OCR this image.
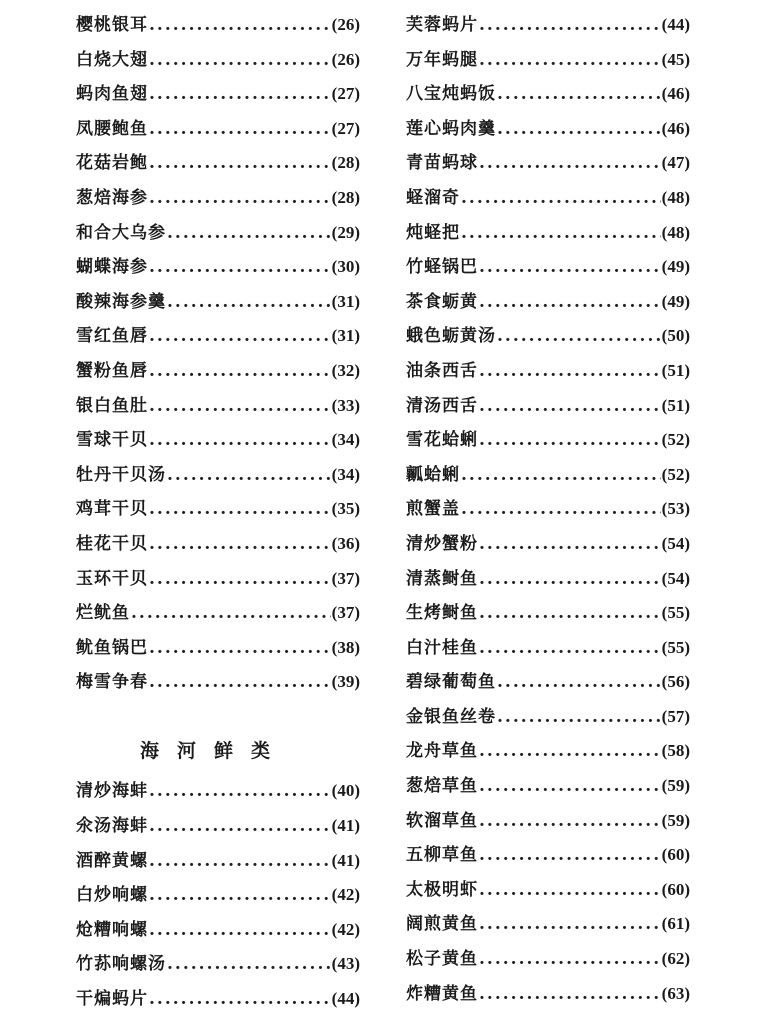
樱桃银耳 .....	(26)
白烧大翅 .....	(26)
蚂肉鱼翅 .....	(27)
凤腰鲍鱼 .....	(27)
花菇岩鲍 .....	(28)
葱焙海参 .....	(28)
和合大乌参 .....	(29)
蝴蝶海参 .....	(30)
酸辣海参羹 .....	(31)
雪红鱼唇 .....	(31)
蟹粉鱼唇 .....	(32)
银白鱼肚 .....	(33)
雪球干贝 .....	(34)
牡丹干贝汤 .....	(34)
鸡茸干贝 .....	(35)
桂花干贝 .....	(36)
玉环干贝 .....	(37)
烂鱿鱼 .....	(37)
鱿鱼锅巴 .....	(38)
梅雪争春 .....	(39)
海河鲜类
清炒海蚌 .....	(40)
氽汤海蚌 .....	(41)
酒醉黄螺 .....	(41)
白炒响螺 .....	(42)
炝糟响螺 .....	(42)
竹荪响螺汤 .....	(43)
干煸蚂片 .....	(44)
芙蓉蚂片 .....	(44)
万年蚂腿 .....	(45)
八宝炖蚂饭 .....	(46)
莲心蚂肉羹 .....	(46)
青苗蚂球 .....	(47)
蛏溜奇 .....	(48)
炖蛏把 .....	(48)
竹蛏锅巴 .....	(49)
茶食蛎黄 .....	(49)
蛾色蛎黄汤 .....	(50)
油条西舌 .....	(51)
清汤西舌 .....	(51)
雪花蛤蜊 .....	(52)
瓤蛤蜊 .....	(52)
煎蟹盖 .....	(53)
清炒蟹粉 .....	(54)
清蒸鲥鱼 .....	(54)
生烤鲥鱼 .....	(55)
白汁桂鱼 .....	(55)
碧绿葡萄鱼 .....	(56)
金银鱼丝卷 .....	(57)
龙舟草鱼 .....	(58)
葱焙草鱼 .....	(59)
软溜草鱼 .....	(59)
五柳草鱼 .....	(60)
太极明虾 .....	(60)
阔煎黄鱼 .....	(61)
松子黄鱼 .....	(62)
炸糟黄鱼 .....	(63)
